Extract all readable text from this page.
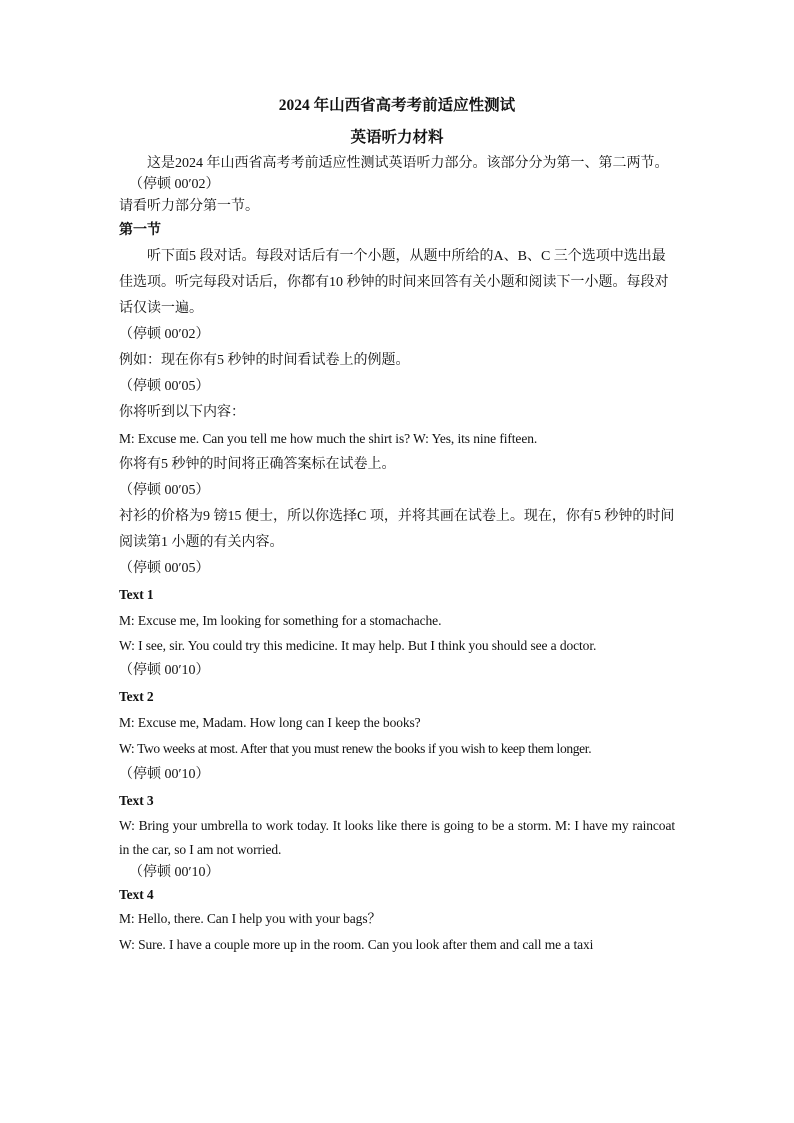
2024 年山西省高考考前适应性测试
英语听力材料

这是2024 年山西省高考考前适应性测试英语听力部分。该部分分为第一、第二两节。

（停顿 00′02）

请看听力部分第一节。

第一节

听下面5 段对话。每段对话后有一个小题，从题中所给的A、B、C 三个选项中选出最佳选项。听完每段对话后，你都有10 秒钟的时间来回答有关小题和阅读下一小题。每段对话仅读一遍。

（停顿 00′02）

例如：现在你有5 秒钟的时间看试卷上的例题。

（停顿 00′05）

你将听到以下内容：

M: Excuse me. Can you tell me how much the shirt is? W: Yes, its nine fifteen.

你将有5 秒钟的时间将正确答案标在试卷上。

（停顿 00′05）

衬衫的价格为9 镑15 便士，所以你选择C 项，并将其画在试卷上。现在，你有5 秒钟的时间阅读第1 小题的有关内容。

（停顿 00′05）

Text 1

M: Excuse me, Im looking for something for a stomachache.

W: I see, sir. You could try this medicine. It may help. But I think you should see a doctor.

（停顿 00′10）

Text 2

M: Excuse me, Madam. How long can I keep the books?

W: Two weeks at most. After that you must renew the books if you wish to keep them longer.

（停顿 00′10）

Text 3

W: Bring your umbrella to work today. It looks like there is going to be a storm. M: I have my raincoat in the car, so I am not worried.

（停顿 00′10）

Text 4

M: Hello, there. Can I help you with your bags？

W: Sure. I have a couple more up in the room. Can you look after them and call me a taxi
